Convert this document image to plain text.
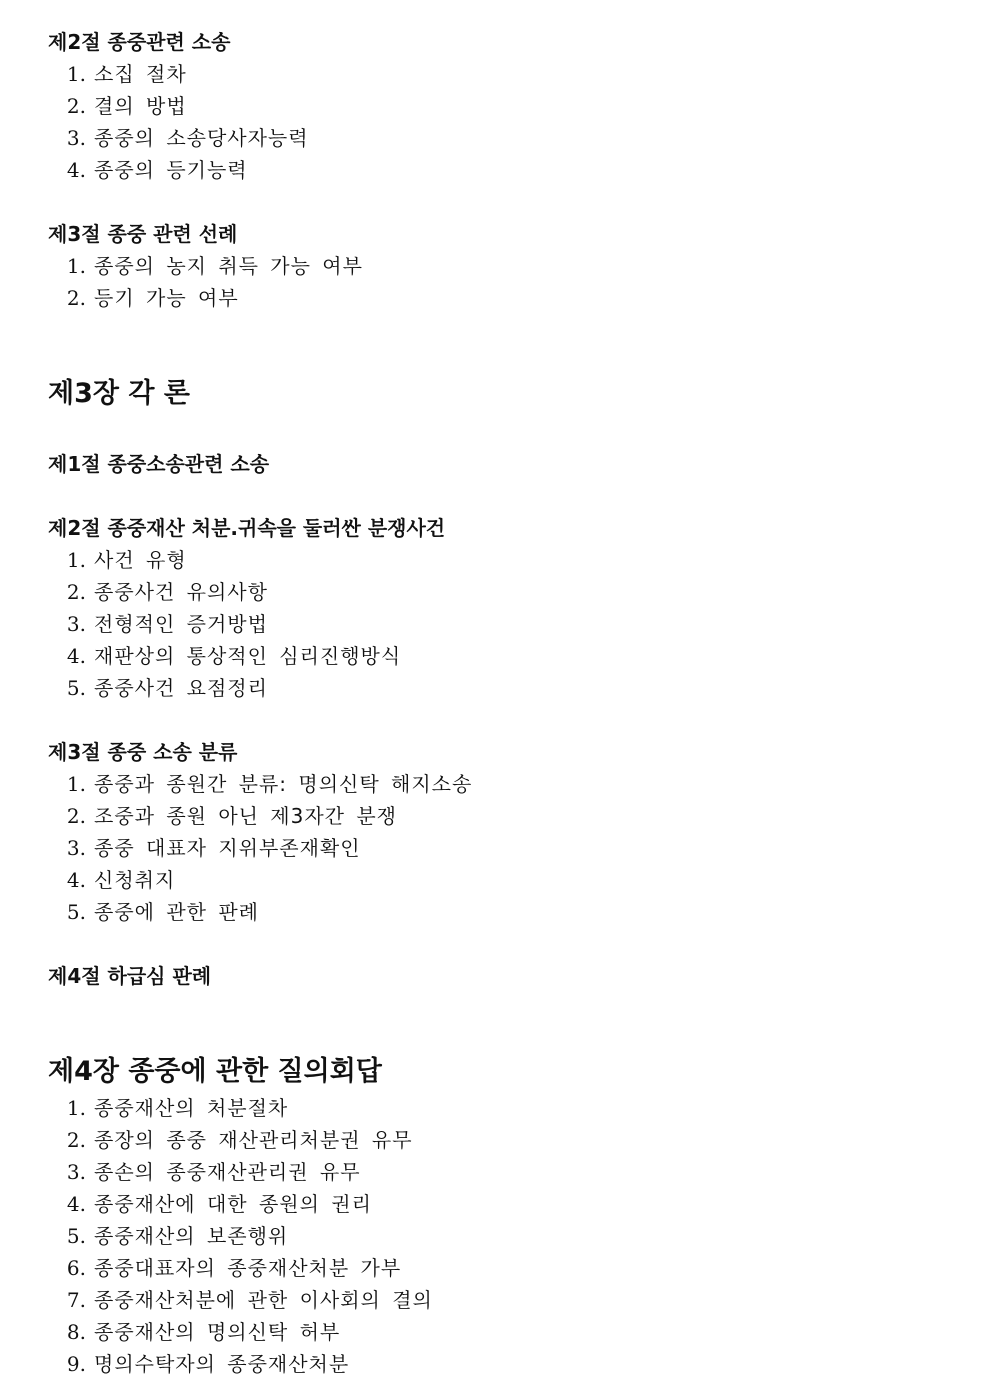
제2절 종중관련 소송
1. 소집 절차
2. 결의 방법
3. 종중의 소송당사자능력
4. 종중의 등기능력
제3절 종중 관련 선례
1. 종중의 농지 취득 가능 여부
2. 등기 가능 여부
제3장 각 론
제1절 종중소송관련 소송
제2절 종중재산 처분.귀속을 둘러싼 분쟁사건
1. 사건 유형
2. 종중사건 유의사항
3. 전형적인 증거방법
4. 재판상의 통상적인 심리진행방식
5. 종중사건 요점정리
제3절 종중 소송 분류
1. 종중과 종원간 분류: 명의신탁 해지소송
2. 조중과 종원 아닌 제3자간 분쟁
3. 종중 대표자 지위부존재확인
4. 신청취지
5. 종중에 관한 판례
제4절 하급심 판례
제4장 종중에 관한 질의회답
1. 종중재산의 처분절차
2. 종장의 종중 재산관리처분권 유무
3. 종손의 종중재산관리권 유무
4. 종중재산에 대한 종원의 권리
5. 종중재산의 보존행위
6. 종중대표자의 종중재산처분 가부
7. 종중재산처분에 관한 이사회의 결의
8. 종중재산의 명의신탁 허부
9. 명의수탁자의 종중재산처분
